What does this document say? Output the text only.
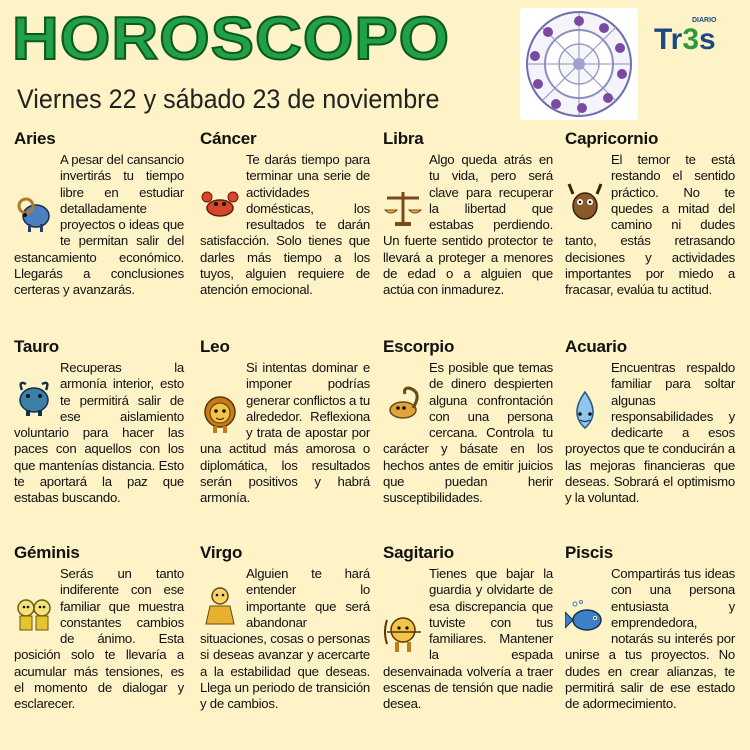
HOROSCOPO
Viernes 22 y sábado 23 de noviembre
DIARIO
Tr3s
Aries
A pesar del cansancio invertirás tu tiempo libre en estudiar detalladamente proyectos o ideas que te permitan salir del estancamiento económico. Llegarás a conclusiones certeras y avanzarás.
Cáncer
Te darás tiempo para terminar una serie de actividades domésticas, los resultados te darán satisfacción. Solo tienes que darles más tiempo a los tuyos, alguien requiere de atención emocional.
Libra
Algo queda atrás en tu vida, pero será clave para recuperar la libertad que estabas perdiendo. Un fuerte sentido protector te llevará a proteger a menores de edad o a alguien que actúa con inmadurez.
Capricornio
El temor te está restando el sentido práctico. No te quedes a mitad del camino ni dudes tanto, estás retrasando decisiones y actividades importantes por miedo a fracasar, evalúa tu actitud.
Tauro
Recuperas la armonía interior, esto te permitirá salir de ese aislamiento voluntario para hacer las paces con aquellos con los que mantenías distancia. Esto te aportará la paz que estabas buscando.
Leo
Si intentas dominar e imponer podrías generar conflictos a tu alrededor. Reflexiona y trata de apostar por una actitud más amorosa o diplomática, los resultados serán positivos y habrá armonía.
Escorpio
Es posible que temas de dinero despierten alguna confrontación con una persona cercana. Controla tu carácter y básate en los hechos antes de emitir juicios que puedan herir susceptibilidades.
Acuario
Encuentras respaldo familiar para soltar algunas responsabilidades y dedicarte a esos proyectos que te conducirán a las mejoras financieras que deseas. Sobrará el optimismo y la voluntad.
Géminis
Serás un tanto indiferente con ese familiar que muestra constantes cambios de ánimo. Esta posición solo te llevaría a acumular más tensiones, es el momento de dialogar y esclarecer.
Virgo
Alguien te hará entender lo importante que será abandonar situaciones, cosas o personas si deseas avanzar y acercarte a la estabilidad que deseas. Llega un periodo de transición y de cambios.
Sagitario
Tienes que bajar la guardia y olvidarte de esa discrepancia que tuviste con tus familiares. Mantener la espada desenvainada volvería a traer escenas de tensión que nadie desea.
Piscis
Compartirás tus ideas con una persona entusiasta y emprendedora, notarás su interés por unirse a tus proyectos. No dudes en crear alianzas, te permitirá salir de ese estado de adormecimiento.
